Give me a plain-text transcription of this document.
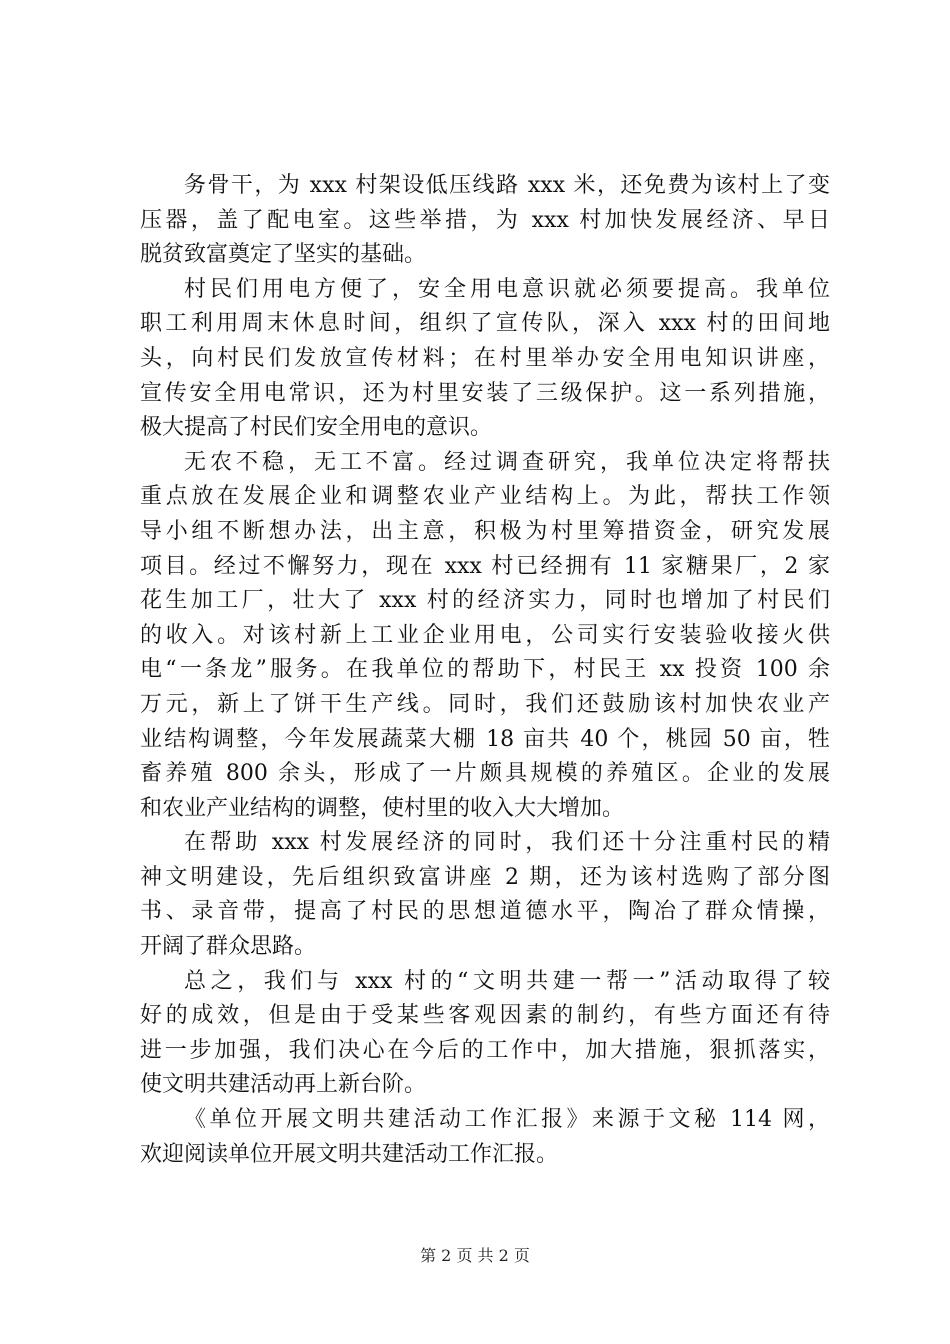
务骨干，为 xxx 村架设低压线路 xxx 米，还免费为该村上了变
压器，盖了配电室。这些举措，为 xxx 村加快发展经济、早日
脱贫致富奠定了坚实的基础。
村民们用电方便了，安全用电意识就必须要提高。我单位
职工利用周末休息时间，组织了宣传队，深入 xxx 村的田间地
头，向村民们发放宣传材料；在村里举办安全用电知识讲座，
宣传安全用电常识，还为村里安装了三级保护。这一系列措施，
极大提高了村民们安全用电的意识。
无农不稳，无工不富。经过调查研究，我单位决定将帮扶
重点放在发展企业和调整农业产业结构上。为此，帮扶工作领
导小组不断想办法，出主意，积极为村里筹措资金，研究发展
项目。经过不懈努力，现在 xxx 村已经拥有 11 家糖果厂，2 家
花生加工厂，壮大了 xxx 村的经济实力，同时也增加了村民们
的收入。对该村新上工业企业用电，公司实行安装验收接火供
电“一条龙”服务。在我单位的帮助下，村民王 xx 投资 100 余
万元，新上了饼干生产线。同时，我们还鼓励该村加快农业产
业结构调整，今年发展蔬菜大棚 18 亩共 40 个，桃园 50 亩，牲
畜养殖 800 余头，形成了一片颇具规模的养殖区。企业的发展
和农业产业结构的调整，使村里的收入大大增加。
在帮助 xxx 村发展经济的同时，我们还十分注重村民的精
神文明建设，先后组织致富讲座 2 期，还为该村选购了部分图
书、录音带，提高了村民的思想道德水平，陶冶了群众情操，
开阔了群众思路。
总之，我们与 xxx 村的“文明共建一帮一”活动取得了较
好的成效，但是由于受某些客观因素的制约，有些方面还有待
进一步加强，我们决心在今后的工作中，加大措施，狠抓落实，
使文明共建活动再上新台阶。
《单位开展文明共建活动工作汇报》来源于文秘 114 网，
欢迎阅读单位开展文明共建活动工作汇报。
第 2 页 共 2 页
